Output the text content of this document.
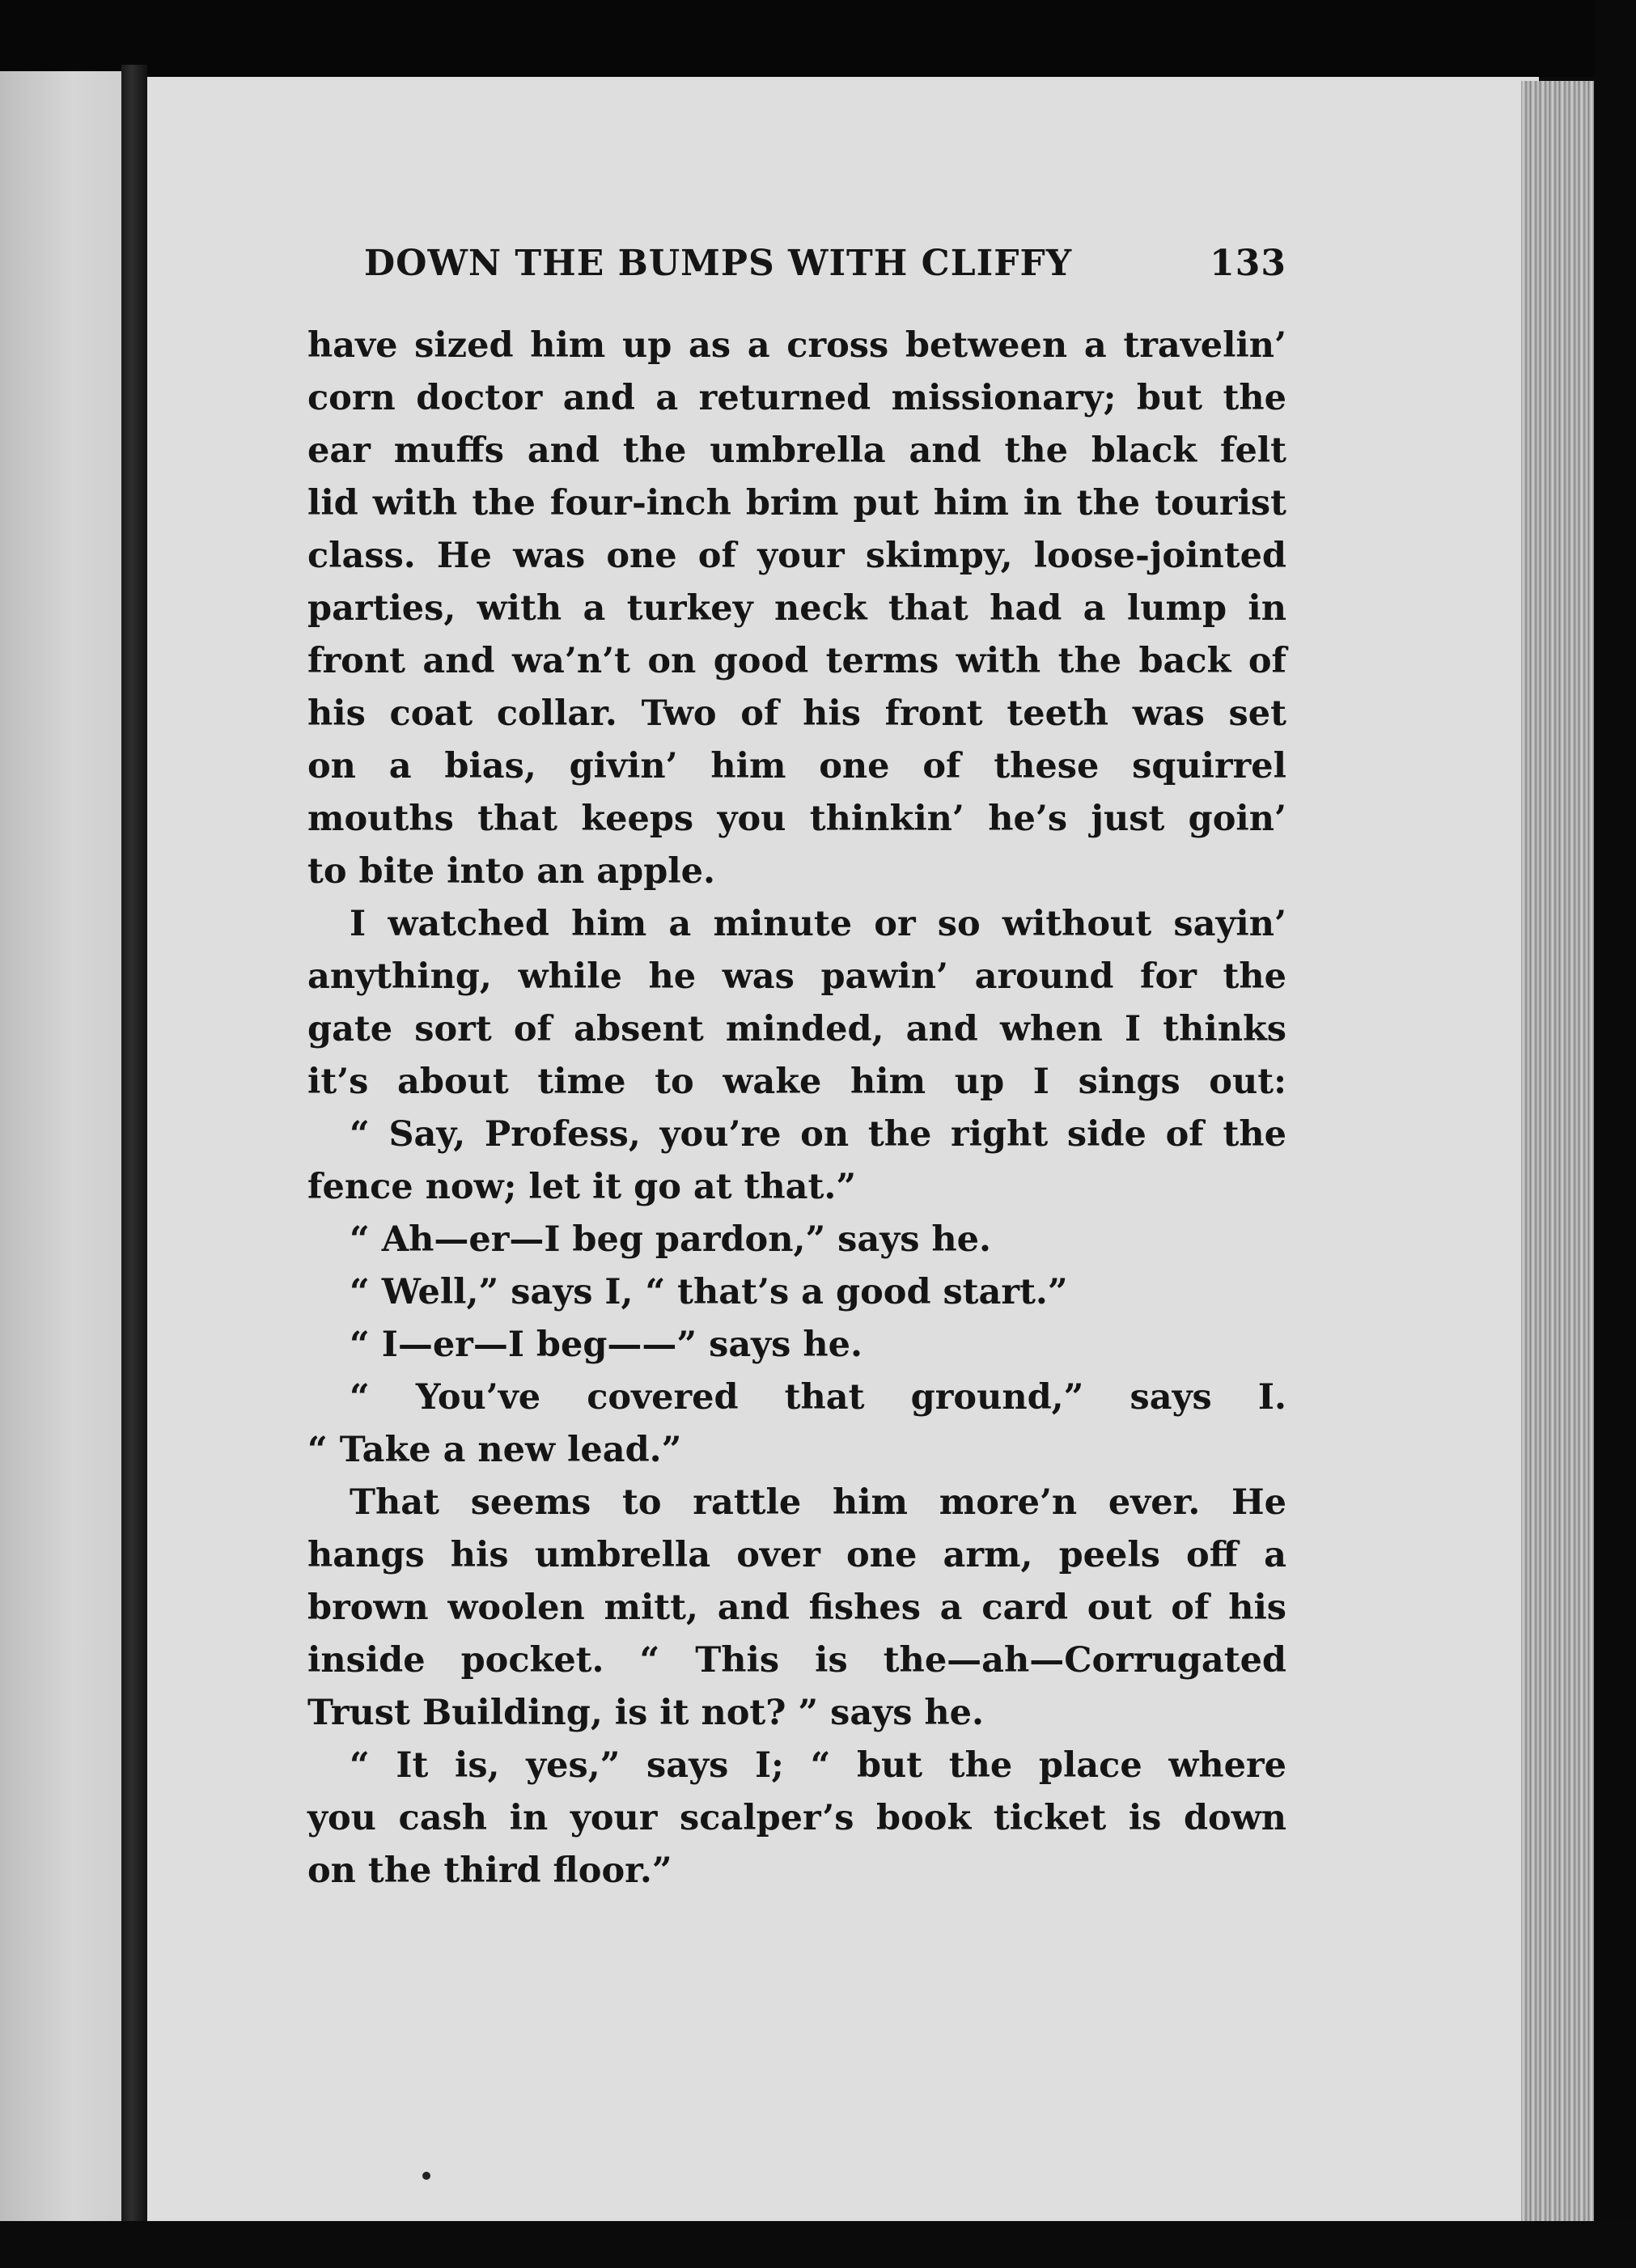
DOWN THE BUMPS WITH CLIFFY	133
have sized him up as a cross between a travelin’
corn doctor and a returned missionary; but the
ear muffs and the umbrella and the black felt
lid with the four-inch brim put him in the tourist
class. He was one of your skimpy, loose-jointed
parties, with a turkey neck that had a lump in
front and wa’n’t on good terms with the back of
his coat collar. Two of his front teeth was set
on a bias, givin’ him one of these squirrel
mouths that keeps you thinkin’ he’s just goin’
to bite into an apple.
I watched him a minute or so without sayin’
anything, while he was pawin’ around for the
gate sort of absent minded, and when I thinks
it’s about time to wake him up I sings out:
“ Say, Profess, you’re on the right side of the
fence now; let it go at that.”
“ Ah—er—I beg pardon,” says he.
“ Well,” says I, “ that’s a good start.”
“ I—er—I beg——” says he.
“ You’ve covered that ground,” says I.
“ Take a new lead.”
That seems to rattle him more’n ever. He
hangs his umbrella over one arm, peels off a
brown woolen mitt, and fishes a card out of his
inside pocket. “ This is the—ah—Corrugated
Trust Building, is it not? ” says he.
“ It is, yes,” says I; “ but the place where
you cash in your scalper’s book ticket is down
on the third floor.”
